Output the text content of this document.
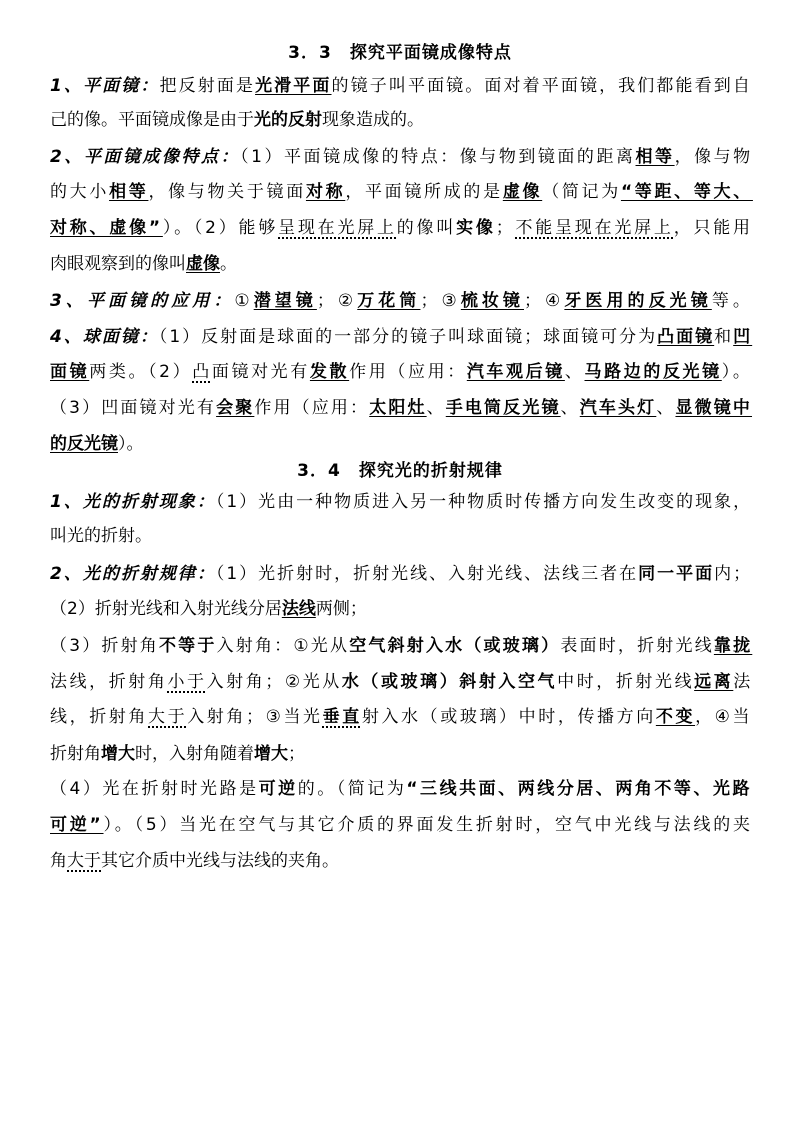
3．3　探究平面镜成像特点
1、平面镜：把反射面是光滑平面的镜子叫平面镜。面对着平面镜，我们都能看到自
己的像。平面镜成像是由于光的反射现象造成的。
2、平面镜成像特点：（1）平面镜成像的特点：像与物到镜面的距离相等，像与物
的大小相等，像与物关于镜面对称，平面镜所成的是虚像（简记为“等距、等大、
对称、虚像”）。（2）能够呈现在光屏上的像叫实像；不能呈现在光屏上，只能用
肉眼观察到的像叫虚像。
3、平面镜的应用：①潜望镜；②万花筒；③梳妆镜；④牙医用的反光镜等。
4、球面镜：（1）反射面是球面的一部分的镜子叫球面镜；球面镜可分为凸面镜和凹
面镜两类。（2）凸面镜对光有发散作用（应用：汽车观后镜、马路边的反光镜）。
（3）凹面镜对光有会聚作用（应用：太阳灶、手电筒反光镜、汽车头灯、显微镜中
的反光镜）。
3．4　探究光的折射规律
1、光的折射现象：（1）光由一种物质进入另一种物质时传播方向发生改变的现象，
叫光的折射。
2、光的折射规律：（1）光折射时，折射光线、入射光线、法线三者在同一平面内；
（2）折射光线和入射光线分居法线两侧；
（3）折射角不等于入射角：①光从空气斜射入水（或玻璃）表面时，折射光线靠拢
法线，折射角小于入射角；②光从水（或玻璃）斜射入空气中时，折射光线远离法
线，折射角大于入射角；③当光垂直射入水（或玻璃）中时，传播方向不变，④当
折射角增大时，入射角随着增大；
（4）光在折射时光路是可逆的。（简记为“三线共面、两线分居、两角不等、光路
可逆”）。（5）当光在空气与其它介质的界面发生折射时，空气中光线与法线的夹
角大于其它介质中光线与法线的夹角。
